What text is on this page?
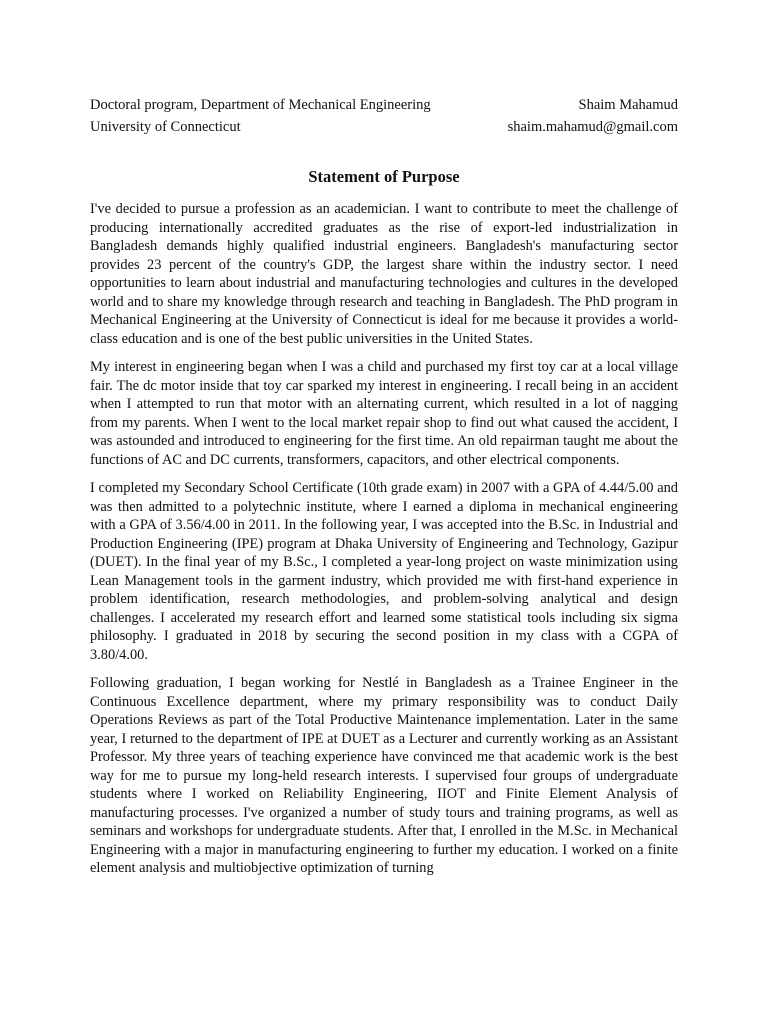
Doctoral program, Department of Mechanical Engineering	Shaim Mahamud
University of Connecticut	shaim.mahamud@gmail.com
Statement of Purpose

I've decided to pursue a profession as an academician. I want to contribute to meet the challenge of producing internationally accredited graduates as the rise of export-led industrialization in Bangladesh demands highly qualified industrial engineers. Bangladesh's manufacturing sector provides 23 percent of the country's GDP, the largest share within the industry sector. I need opportunities to learn about industrial and manufacturing technologies and cultures in the developed world and to share my knowledge through research and teaching in Bangladesh. The PhD program in Mechanical Engineering at the University of Connecticut is ideal for me because it provides a world-class education and is one of the best public universities in the United States.

My interest in engineering began when I was a child and purchased my first toy car at a local village fair. The dc motor inside that toy car sparked my interest in engineering. I recall being in an accident when I attempted to run that motor with an alternating current, which resulted in a lot of nagging from my parents. When I went to the local market repair shop to find out what caused the accident, I was astounded and introduced to engineering for the first time. An old repairman taught me about the functions of AC and DC currents, transformers, capacitors, and other electrical components.

I completed my Secondary School Certificate (10th grade exam) in 2007 with a GPA of 4.44/5.00 and was then admitted to a polytechnic institute, where I earned a diploma in mechanical engineering with a GPA of 3.56/4.00 in 2011. In the following year, I was accepted into the B.Sc. in Industrial and Production Engineering (IPE) program at Dhaka University of Engineering and Technology, Gazipur (DUET). In the final year of my B.Sc., I completed a year-long project on waste minimization using Lean Management tools in the garment industry, which provided me with first-hand experience in problem identification, research methodologies, and problem-solving analytical and design challenges. I accelerated my research effort and learned some statistical tools including six sigma philosophy. I graduated in 2018 by securing the second position in my class with a CGPA of 3.80/4.00.

Following graduation, I began working for Nestlé in Bangladesh as a Trainee Engineer in the Continuous Excellence department, where my primary responsibility was to conduct Daily Operations Reviews as part of the Total Productive Maintenance implementation. Later in the same year, I returned to the department of IPE at DUET as a Lecturer and currently working as an Assistant Professor. My three years of teaching experience have convinced me that academic work is the best way for me to pursue my long-held research interests. I supervised four groups of undergraduate students where I worked on Reliability Engineering, IIOT and Finite Element Analysis of manufacturing processes. I've organized a number of study tours and training programs, as well as seminars and workshops for undergraduate students. After that, I enrolled in the M.Sc. in Mechanical Engineering with a major in manufacturing engineering to further my education. I worked on a finite element analysis and multiobjective optimization of turning
